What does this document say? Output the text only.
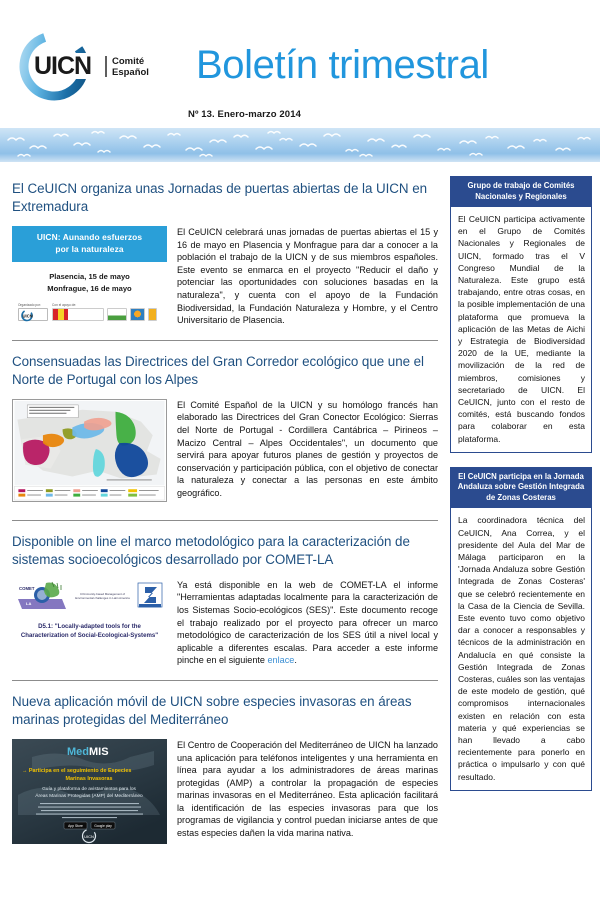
UICN Comité
Español Boletín trimestral
Nº 13. Enero-marzo 2014
El CeUICN organiza unas Jornadas de puertas abiertas de la UICN en Extremadura
UICN: Aunando esfuerzos
por la naturaleza
Plasencia, 15 de mayo
Monfrague, 16 de mayo
Organizado por:
UICN
Con el apoyo de:
El CeUICN celebrará unas jornadas de puertas abiertas el 15 y 16 de mayo en Plasencia y Monfrague para dar a conocer a la población el trabajo de la UICN y de sus miembros españoles. Este evento se enmarca en el proyecto "Reducir el daño y potenciar las oportunidades con soluciones basadas en la naturaleza", y cuenta con el apoyo de la Fundación Biodiversidad, la Fundación Naturaleza y Hombre, y el Centro Universitario de Plasencia.
Consensuadas las Directrices del Gran Corredor ecológico que une el Norte de Portugal con los Alpes
El Comité Español de la UICN y su homólogo francés han elaborado las Directrices del Gran Conector Ecológico: Sierras del Norte de Portugal - Cordillera Cantábrica – Pirineos – Macizo Central – Alpes Occidentales", un documento que servirá para apoyar futuros planes de gestión y proyectos de conservación y participación pública, con el objetivo de conectar la naturaleza y conectar a las personas en este ámbito geográfico.
Disponible on line el marco metodológico para la caracterización de sistemas socioecológicos desarrollado por COMET-LA
COMET
LA
COmmunity-based Management of Environmental challenges in Latin America
D5.1: "Locally-adapted tools for the Characterization of Social-Ecological-Systems"
Ya está disponible en la web de COMET-LA el informe "Herramientas adaptadas localmente para la caracterización de los Sistemas Socio-ecológicos (SES)". Este documento recoge el trabajo realizado por el proyecto para ofrecer un marco metodológico de caracterización de los SES útil a nivel local y aplicable a diferentes escalas. Para acceder a este informe pinche en el siguiente enlace.
Nueva aplicación móvil de UICN sobre especies invasoras en áreas marinas protegidas del Mediterráneo
Med MIS
→ Participa en el seguimiento de Especies
Marinas Invasoras
Guía y plataforma de avistamientos para los
Áreas Marinas Protegidas (AMP) del Mediterráneo
App Store	Google play
UICN
El Centro de Cooperación del Mediterráneo de UICN ha lanzado una aplicación para teléfonos inteligentes y una herramienta en línea para ayudar a los administradores de áreas marinas protegidas (AMP) a controlar la propagación de especies marinas invasoras en el Mediterráneo. Esta aplicación facilitará la identificación de las especies invasoras para que los programas de vigilancia y control puedan iniciarse antes de que estas especies dañen la vida marina nativa.
Grupo de trabajo de Comités Nacionales y Regionales
El CeUICN participa activamente en el Grupo de Comités Nacionales y Regionales de UICN, formado tras el V Congreso Mundial de la Naturaleza. Este grupo está trabajando, entre otras cosas, en la posible implementación de una plataforma que promueva la aplicación de las Metas de Aichi y Estrategia de Biodiversidad 2020 de la UE, mediante la movilización de la red de miembros, comisiones y secretariado de UICN. El CeUICN, junto con el resto de comités, está buscando fondos para colaborar en esta plataforma.
El CeUICN participa en la Jornada Andaluza sobre Gestión Integrada de Zonas Costeras
La coordinadora técnica del CeUICN, Ana Correa, y el presidente del Aula del Mar de Málaga participaron en la 'Jornada Andaluza sobre Gestión Integrada de Zonas Costeras' que se celebró recientemente en la Casa de la Ciencia de Sevilla. Este evento tuvo como objetivo dar a conocer a responsables y técnicos de la administración en Andalucía en qué consiste la Gestión Integrada de Zonas Costeras, cuáles son las ventajas de este modelo de gestión, qué compromisos internacionales existen en relación con esta materia y qué experiencias se han llevado a cabo recientemente para ponerlo en práctica o impulsarlo y con qué resultado.
